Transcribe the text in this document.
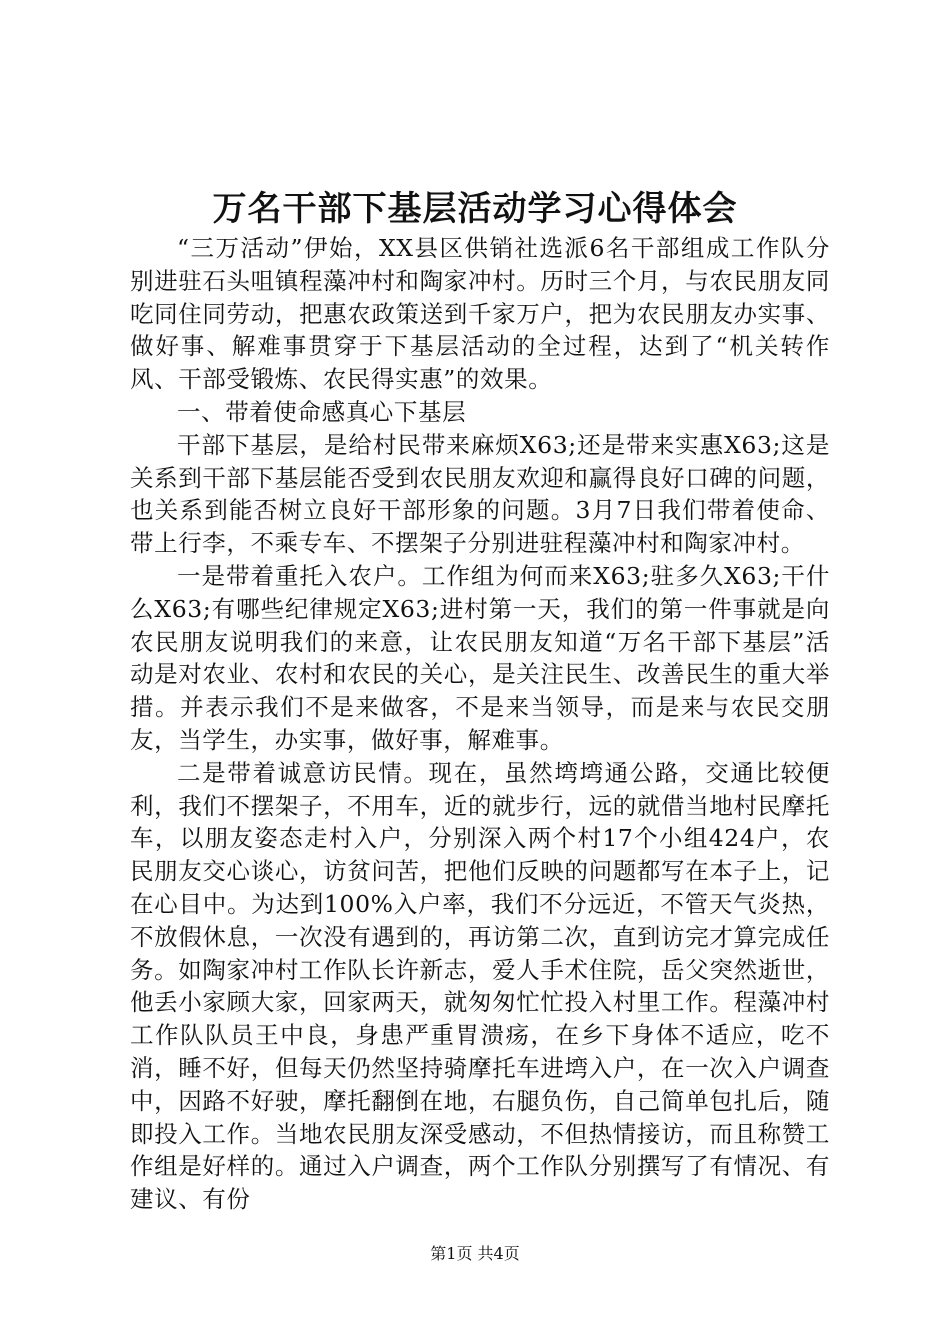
万名干部下基层活动学习心得体会

“三万活动”伊始，XX县区供销社选派6名干部组成工作队分别进驻石头咀镇程藻冲村和陶家冲村。历时三个月，与农民朋友同吃同住同劳动，把惠农政策送到千家万户，把为农民朋友办实事、做好事、解难事贯穿于下基层活动的全过程，达到了“机关转作风、干部受锻炼、农民得实惠”的效果。

一、带着使命感真心下基层

干部下基层，是给村民带来麻烦X63;还是带来实惠X63;这是关系到干部下基层能否受到农民朋友欢迎和赢得良好口碑的问题，也关系到能否树立良好干部形象的问题。3月7日我们带着使命、带上行李，不乘专车、不摆架子分别进驻程藻冲村和陶家冲村。

一是带着重托入农户。工作组为何而来X63;驻多久X63;干什么X63;有哪些纪律规定X63;进村第一天，我们的第一件事就是向农民朋友说明我们的来意，让农民朋友知道“万名干部下基层”活动是对农业、农村和农民的关心，是关注民生、改善民生的重大举措。并表示我们不是来做客，不是来当领导，而是来与农民交朋友，当学生，办实事，做好事，解难事。

二是带着诚意访民情。现在，虽然塆塆通公路，交通比较便利，我们不摆架子，不用车，近的就步行，远的就借当地村民摩托车，以朋友姿态走村入户，分别深入两个村17个小组424户，农民朋友交心谈心，访贫问苦，把他们反映的问题都写在本子上，记在心目中。为达到100%入户率，我们不分远近，不管天气炎热，不放假休息，一次没有遇到的，再访第二次，直到访完才算完成任务。如陶家冲村工作队长许新志，爱人手术住院，岳父突然逝世，他丢小家顾大家，回家两天，就匆匆忙忙投入村里工作。程藻冲村工作队队员王中良，身患严重胃溃疡，在乡下身体不适应，吃不消，睡不好，但每天仍然坚持骑摩托车进塆入户，在一次入户调查中，因路不好驶，摩托翻倒在地，右腿负伤，自己简单包扎后，随即投入工作。当地农民朋友深受感动，不但热情接访，而且称赞工作组是好样的。通过入户调查，两个工作队分别撰写了有情况、有建议、有份

第1页 共4页
